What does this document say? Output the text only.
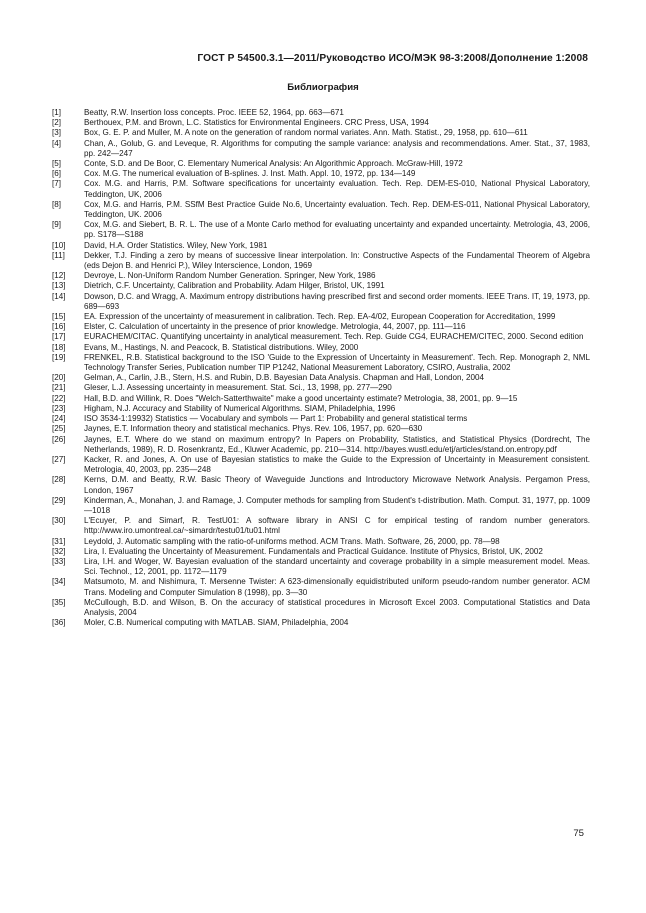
ГОСТ Р 54500.3.1—2011/Руководство ИСО/МЭК 98-3:2008/Дополнение 1:2008
Библиография
[1]	Beatty, R.W. Insertion loss concepts. Proc. IEEE 52, 1964, pp. 663—671
[2]	Berthouex, P.M. and Brown, L.C. Statistics for Environmental Engineers. CRC Press, USA, 1994
[3]	Box, G. E. P. and Muller, M. A note on the generation of random normal variates. Ann. Math. Statist., 29, 1958, pp. 610—611
[4]	Chan, A., Golub, G. and Leveque, R. Algorithms for computing the sample variance: analysis and recommendations. Amer. Stat., 37, 1983, pp. 242—247
[5]	Conte, S.D. and De Boor, C. Elementary Numerical Analysis: An Algorithmic Approach. McGraw-Hill, 1972
[6]	Cox. M.G. The numerical evaluation of B-splines. J. Inst. Math. Appl. 10, 1972, pp. 134—149
[7]	Cox. M.G. and Harris, P.M. Software specifications for uncertainty evaluation. Tech. Rep. DEM-ES-010, National Physical Laboratory, Teddington, UK, 2006
[8]	Cox, M.G. and Harris, P.M. SSfM Best Practice Guide No.6, Uncertainty evaluation. Tech. Rep. DEM-ES-011, National Physical Laboratory, Teddington, UK. 2006
[9]	Cox, M.G. and Siebert, B. R. L. The use of a Monte Carlo method for evaluating uncertainty and expanded uncertainty. Metrologia, 43, 2006, pp. S178—S188
[10]	David, H.A. Order Statistics. Wiley, New York, 1981
[11]	Dekker, T.J. Finding a zero by means of successive linear interpolation. In: Constructive Aspects of the Fundamental Theorem of Algebra (eds Dejon B. and Henrici P.), Wiley Interscience, London, 1969
[12]	Devroye, L. Non-Uniform Random Number Generation. Springer, New York, 1986
[13]	Dietrich, C.F. Uncertainty, Calibration and Probability. Adam Hilger, Bristol, UK, 1991
[14]	Dowson, D.C. and Wragg, A. Maximum entropy distributions having prescribed first and second order moments. IEEE Trans. IT, 19, 1973, pp. 689—693
[15]	EA. Expression of the uncertainty of measurement in calibration. Tech. Rep. EA-4/02, European Cooperation for Accreditation, 1999
[16]	Elster, C. Calculation of uncertainty in the presence of prior knowledge. Metrologia, 44, 2007, pp. 111—116
[17]	EURACHEM/CITAC. Quantifying uncertainty in analytical measurement. Tech. Rep. Guide CG4, EURACHEM/CITEC, 2000. Second edition
[18]	Evans, M., Hastings, N. and Peacock, B. Statistical distributions. Wiley, 2000
[19]	FRENKEL, R.B. Statistical background to the ISO 'Guide to the Expression of Uncertainty in Measurement'. Tech. Rep. Monograph 2, NML Technology Transfer Series, Publication number TIP P1242, National Measurement Laboratory, CSIRO, Australia, 2002
[20]	Gelman, A., Carlin, J.B., Stern, H.S. and Rubin, D.B. Bayesian Data Analysis. Chapman and Hall, London, 2004
[21]	Gleser, L.J. Assessing uncertainty in measurement. Stat. Sci., 13, 1998, pp. 277—290
[22]	Hall, B.D. and Willink, R. Does "Welch-Satterthwaite" make a good uncertainty estimate? Metrologia, 38, 2001, pp. 9—15
[23]	Higham, N.J. Accuracy and Stability of Numerical Algorithms. SIAM, Philadelphia, 1996
[24]	ISO 3534-1:19932) Statistics — Vocabulary and symbols — Part 1: Probability and general statistical terms
[25]	Jaynes, E.T. Information theory and statistical mechanics. Phys. Rev. 106, 1957, pp. 620—630
[26]	Jaynes, E.T. Where do we stand on maximum entropy? In Papers on Probability, Statistics, and Statistical Physics (Dordrecht, The Netherlands, 1989), R. D. Rosenkrantz, Ed., Kluwer Academic, pp. 210—314. http://bayes.wustl.edu/etj/articles/stand.on.entropy.pdf
[27]	Kacker, R. and Jones, A. On use of Bayesian statistics to make the Guide to the Expression of Uncertainty in Measurement consistent. Metrologia, 40, 2003, pp. 235—248
[28]	Kerns, D.M. and Beatty, R.W. Basic Theory of Waveguide Junctions and Introductory Microwave Network Analysis. Pergamon Press, London, 1967
[29]	Kinderman, A., Monahan, J. and Ramage, J. Computer methods for sampling from Student's t-distribution. Math. Comput. 31, 1977, pp. 1009—1018
[30]	L'Ecuyer, P. and Simarf, R. TestU01: A software library in ANSI C for empirical testing of random number generators. http://www.iro.umontreal.ca/~simardr/testu01/tu01.html
[31]	Leydold, J. Automatic sampling with the ratio-of-uniforms method. ACM Trans. Math. Software, 26, 2000, pp. 78—98
[32]	Lira, I. Evaluating the Uncertainty of Measurement. Fundamentals and Practical Guidance. Institute of Physics, Bristol, UK, 2002
[33]	Lira, I.H. and Woger, W. Bayesian evaluation of the standard uncertainty and coverage probability in a simple measurement model. Meas. Sci. Technol., 12, 2001, pp. 1172—1179
[34]	Matsumoto, M. and Nishimura, T. Mersenne Twister: A 623-dimensionally equidistributed uniform pseudo-random number generator. ACM Trans. Modeling and Computer Simulation 8 (1998), pp. 3—30
[35]	McCullough, B.D. and Wilson, B. On the accuracy of statistical procedures in Microsoft Excel 2003. Computational Statistics and Data Analysis, 2004
[36]	Moler, C.B. Numerical computing with MATLAB. SIAM, Philadelphia, 2004
75
